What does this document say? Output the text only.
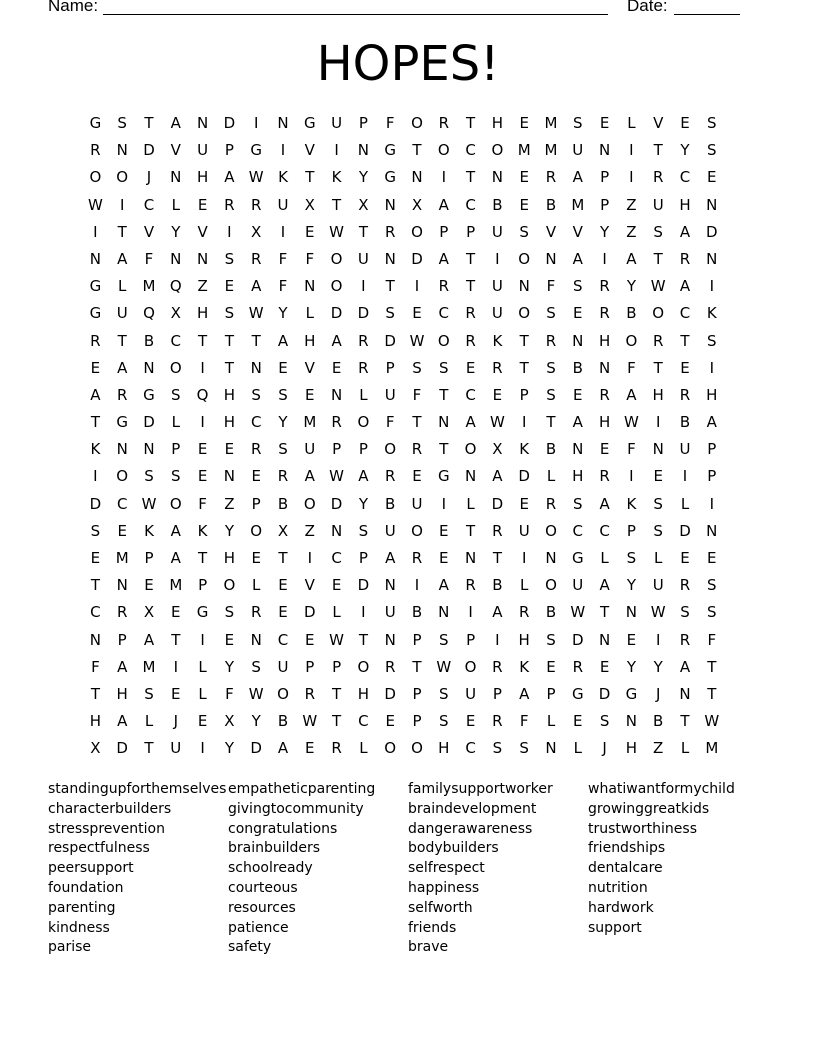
Name:	Date:
HOPES!
G	S	T	A	N	D	I	N	G	U	P	F	O	R	T	H	E	M	S	E	L	V	E	S
R	N	D	V	U	P	G	I	V	I	N	G	T	O	C	O M M U	N	I	T	Y	S
O O	J	N	H	A W K	T	K	Y	G	N	I	T	N	E	R	A	P	I	R	C	E
W	I	C	L	E	R	R	U	X	T	X	N	X	A	C	B	E	B	M	P	Z	U	H	N
I	T	V	Y	V	I	X	I	E W T	R	O	P	P	U	S	V	V	Y	Z	S	A	D
N	A	F	N	N	S	R	F	F	O	U	N	D	A	T	I	O	N	A	I	A	T	R	N
G	L	M Q	Z	E	A	F	N	O	I	T	I	R	T	U	N	F	S	R	Y W A	I
G	U	Q	X	H	S W Y	L	D	D	S	E	C	R	U	O	S	E	R	B	O	C	K
R	T	B	C	T	T	T	A	H	A	R	D W O	R	K	T	R	N	H	O	R	T	S
E	A	N	O	I	T	N	E	V	E	R	P	S	S	E	R	T	S	B	N	F	T	E	I
A	R	G	S	Q	H	S	S	E	N	L	U	F	T	C	E	P	S	E	R	A	H	R	H
T	G	D	L	I	H	C	Y	M	R	O	F	T	N	A W	I	T	A	H W	I	B	A
K	N	N	P	E	E	R	S	U	P	P	O	R	T	O	X	K	B	N	E	F	N	U	P
I	O	S	S	E	N	E	R	A W A	R	E	G	N	A	D	L	H	R	I	E	I	P
D	C W O	F	Z	P	B	O	D	Y	B	U	I	L	D	E	R	S	A	K	S	L	I
S	E	K	A	K	Y	O	X	Z	N	S	U	O	E	T	R	U	O	C	C	P	S	D	N
E	M	P	A	T	H	E	T	I	C	P	A	R	E	N	T	I	N	G	L	S	L	E	E
T	N	E	M	P	O	L	E	V	E	D	N	I	A	R	B	L	O	U	A	Y	U	R	S
C	R	X	E	G	S	R	E	D	L	I	U	B	N	I	A	R	B W T	N W S	S
N	P	A	T	I	E	N	C	E W T	N	P	S	P	I	H	S	D	N	E	I	R	F
F	A	M	I	L	Y	S	U	P	P	O	R	T W O	R	K	E	R	E	Y	Y	A	T
T	H	S	E	L	F	W O	R	T	H	D	P	S	U	P	A	P	G	D	G	J	N	T
H	A	L	J	E	X	Y	B W T	C	E	P	S	E	R	F	L	E	S	N	B	T W
X	D	T	U	I	Y	D	A	E	R	L	O O	H	C	S	S	N	L	J	H	Z	L	M
standingupforthemselves
characterbuilders
stressprevention
respectfulness
peersupport
foundation
parenting
kindness
parise
empatheticparenting
givingtocommunity
congratulations
brainbuilders
schoolready
courteous
resources
patience
safety
familysupportworker
braindevelopment
dangerawareness
bodybuilders
selfrespect
happiness
selfworth
friends
brave
whatiwantformychild
growinggreatkids
trustworthiness
friendships
dentalcare
nutrition
hardwork
support
